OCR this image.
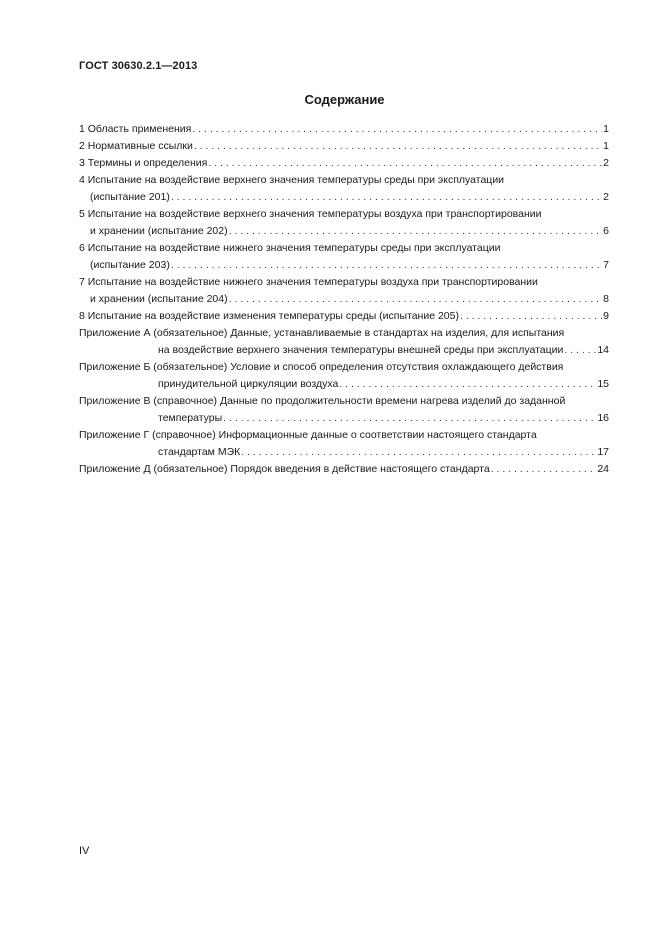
ГОСТ 30630.2.1—2013
Содержание
1 Область применения . . .	1
2 Нормативные ссылки . . .	1
3 Термины и определения . . .	2
4 Испытание на воздействие верхнего значения температуры среды при эксплуатации
(испытание 201) . . .	2
5 Испытание на воздействие верхнего значения температуры воздуха при транспортировании
и хранении (испытание 202) . . .	6
6 Испытание на воздействие нижнего значения температуры среды при эксплуатации
(испытание 203) . . .	7
7 Испытание на воздействие нижнего значения температуры воздуха при транспортировании
и хранении (испытание 204) . . .	8
8 Испытание на воздействие изменения температуры среды (испытание 205) . . .	9
Приложение А (обязательное) Данные, устанавливаемые в стандартах на изделия, для испытания
на воздействие верхнего значения температуры внешней среды при эксплуатации . . .	14
Приложение Б (обязательное) Условие и способ определения отсутствия охлаждающего действия
принудительной циркуляции воздуха . . .	15
Приложение В (справочное) Данные по продолжительности времени нагрева изделий до заданной
температуры . . .	16
Приложение Г (справочное) Информационные данные о соответствии настоящего стандарта
стандартам МЭК . . .	17
Приложение Д (обязательное) Порядок введения в действие настоящего стандарта . . .	24
IV
